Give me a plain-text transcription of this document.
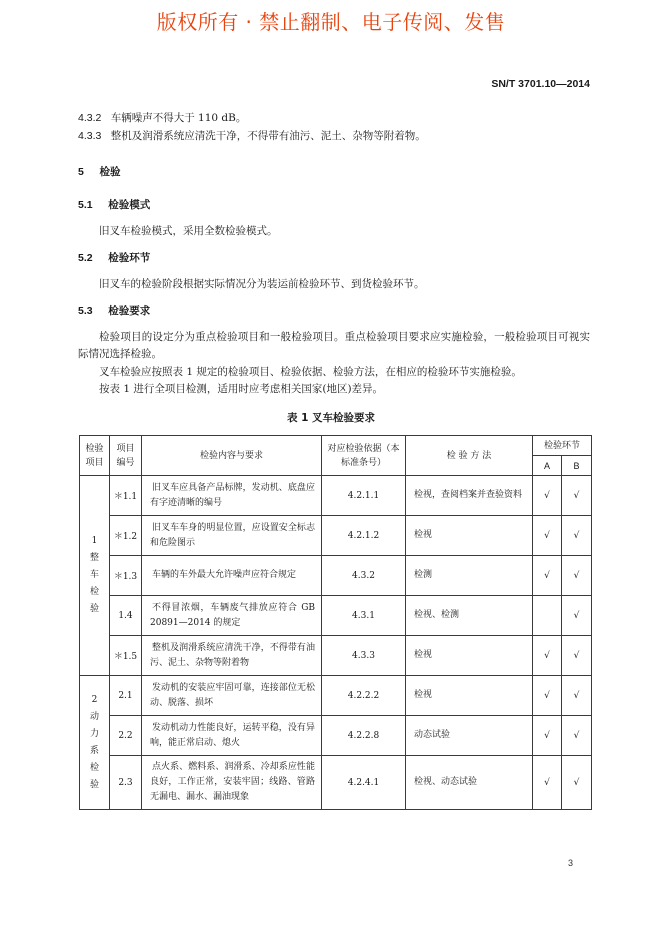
版权所有 · 禁止翻制、电子传阅、发售
SN/T 3701.10—2014
4.3.2 车辆噪声不得大于 110 dB。
4.3.3 整机及润滑系统应清洗干净，不得带有油污、泥土、杂物等附着物。
5 检验
5.1 检验模式
旧叉车检验模式，采用全数检验模式。
5.2 检验环节
旧叉车的检验阶段根据实际情况分为装运前检验环节、到货检验环节。
5.3 检验要求
检验项目的设定分为重点检验项目和一般检验项目。重点检验项目要求应实施检验，一般检验项目可视实际情况选择检验。
叉车检验应按照表 1 规定的检验项目、检验依据、检验方法，在相应的检验环节实施检验。
按表 1 进行全项目检测，适用时应考虑相关国家(地区)差异。
表 1 叉车检验要求
检验项目	项目编号	检验内容与要求	对应检验依据（本标准条号）	检 验 方 法	检验环节	
					A	B

1 整车检验	＊1.1	旧叉车应具备产品标牌，发动机、底盘应有字迹清晰的编号	4.2.1.1	检视，查阅档案并查验资料	√	√
	＊1.2	旧叉车车身的明显位置，应设置安全标志和危险图示	4.2.1.2	检视	√	√
	＊1.3	车辆的车外最大允许噪声应符合规定	4.3.2	检测	√	√
	1.4	不得冒浓烟，车辆废气排放应符合 GB 20891—2014 的规定	4.3.1	检视、检测		√
	＊1.5	整机及润滑系统应清洗干净，不得带有油污、泥土、杂物等附着物	4.3.3	检视	√	√

2 动力系检验	2.1	发动机的安装应牢固可靠，连接部位无松动、脱落、损坏	4.2.2.2	检视	√	√
	2.2	发动机动力性能良好，运转平稳，没有异响，能正常启动、熄火	4.2.2.8	动态试验	√	√
	2.3	点火系、燃料系、润滑系、冷却系应性能良好，工作正常，安装牢固；线路、管路无漏电、漏水、漏油现象	4.2.4.1	检视、动态试验	√	√
3
